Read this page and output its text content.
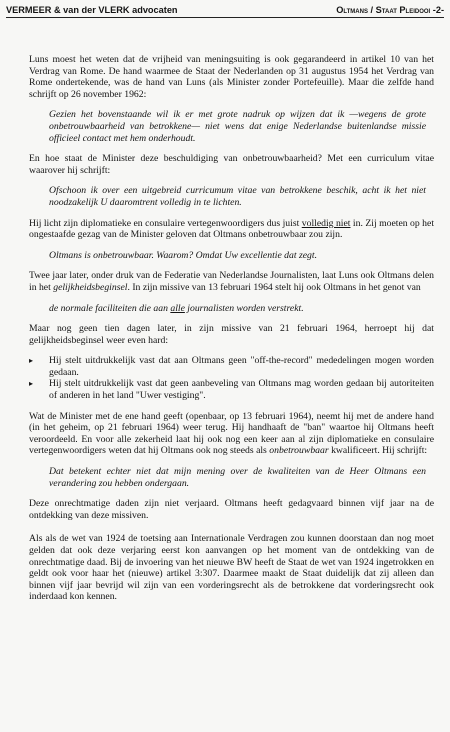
VERMEER & van der VLERK advocaten	Oltmans / Staat Pleidooi -2-

Luns moest het weten dat de vrijheid van meningsuiting is ook gegarandeerd in artikel 10 van het Verdrag van Rome. De hand waarmee de Staat der Nederlanden op 31 augustus 1954 het Verdrag van Rome ondertekende, was de hand van Luns (als Minister zonder Portefeuille). Maar die zelfde hand schrijft op 26 november 1962:

Gezien het bovenstaande wil ik er met grote nadruk op wijzen dat ik —wegens de grote onbetrouwbaarheid van betrokkene— niet wens dat enige Nederlandse buitenlandse missie officieel contact met hem onderhoudt.

En hoe staat de Minister deze beschuldiging van onbetrouwbaarheid? Met een curriculum vitae waarover hij schrijft:

Ofschoon ik over een uitgebreid curricumum vitae van betrokkene beschik, acht ik het niet noodzakelijk U daaromtrent volledig in te lichten.

Hij licht zijn diplomatieke en consulaire vertegenwoordigers dus juist volledig niet in. Zij moeten op het ongestaafde gezag van de Minister geloven dat Oltmans onbetrouwbaar zou zijn.

Oltmans is onbetrouwbaar. Waarom? Omdat Uw excellentie dat zegt.

Twee jaar later, onder druk van de Federatie van Nederlandse Journalisten, laat Luns ook Oltmans delen in het gelijkheidsbeginsel. In zijn missive van 13 februari 1964 stelt hij ook Oltmans in het genot van

de normale faciliteiten die aan alle journalisten worden verstrekt.

Maar nog geen tien dagen later, in zijn missive van 21 februari 1964, herroept hij dat gelijkheidsbeginsel weer even hard:

▸ Hij stelt uitdrukkelijk vast dat aan Oltmans geen "off-the-record" mededelingen mogen worden gedaan.
▸ Hij stelt uitdrukkelijk vast dat geen aanbeveling van Oltmans mag worden gedaan bij autoriteiten of anderen in het land "Uwer vestiging".

Wat de Minister met de ene hand geeft (openbaar, op 13 februari 1964), neemt hij met de andere hand (in het geheim, op 21 februari 1964) weer terug. Hij handhaaft de "ban" waartoe hij Oltmans heeft veroordeeld. En voor alle zekerheid laat hij ook nog een keer aan al zijn diplomatieke en consulaire vertegenwoordigers weten dat hij Oltmans ook nog steeds als onbetrouwbaar kwalificeert. Hij schrijft:

Dat betekent echter niet dat mijn mening over de kwaliteiten van de Heer Oltmans een verandering zou hebben ondergaan.

Deze onrechtmatige daden zijn niet verjaard. Oltmans heeft gedagvaard binnen vijf jaar na de ontdekking van deze missiven.

Als als de wet van 1924 de toetsing aan Internationale Verdragen zou kunnen doorstaan dan nog moet gelden dat ook deze verjaring eerst kon aanvangen op het moment van de ontdekking van de onrechtmatige daad. Bij de invoering van het nieuwe BW heeft de Staat de wet van 1924 ingetrokken en geldt ook voor haar het (nieuwe) artikel 3:307. Daarmee maakt de Staat duidelijk dat zij alleen dan binnen vijf jaar bevrijd wil zijn van een vorderingsrecht als de betrokkene dat vorderingsrecht ook inderdaad kon kennen.
